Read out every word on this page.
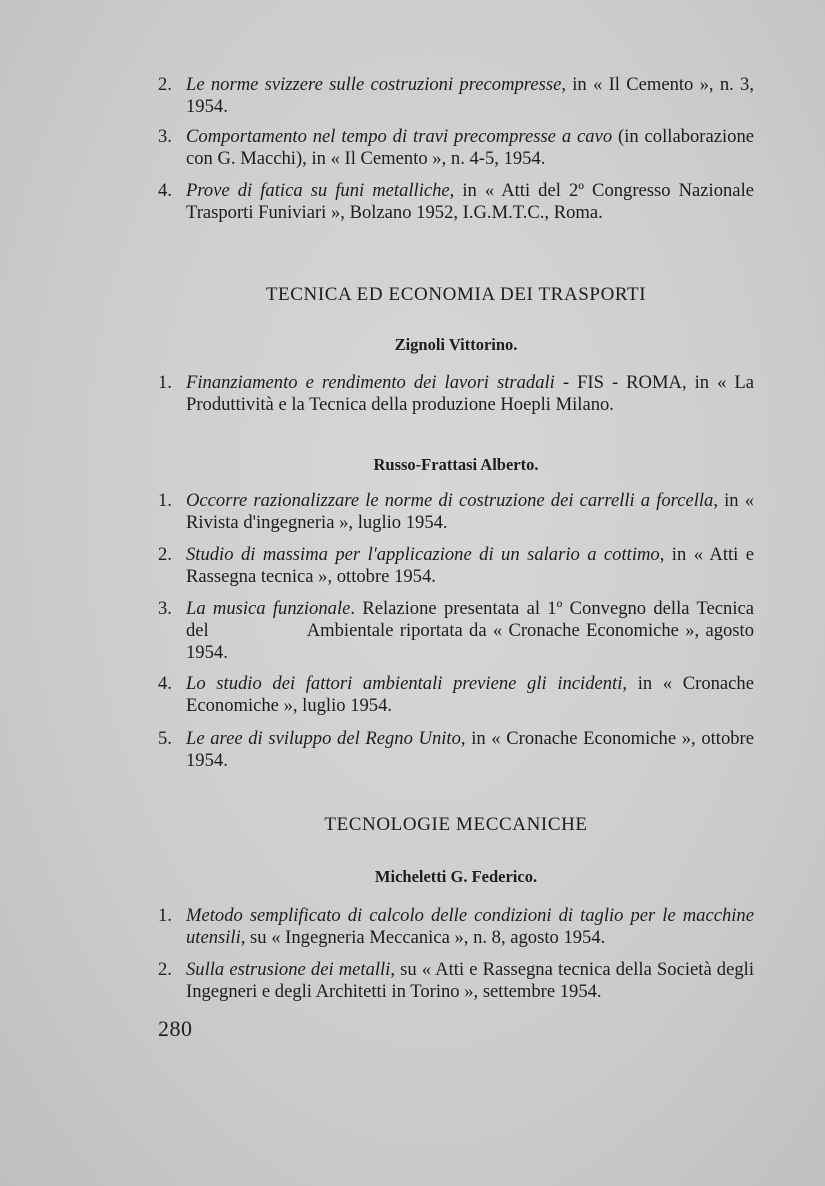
2. Le norme svizzere sulle costruzioni precompresse, in « Il Cemento », n. 3, 1954.
3. Comportamento nel tempo di travi precompresse a cavo (in collaborazione con G. Macchi), in « Il Cemento », n. 4-5, 1954.
4. Prove di fatica su funi metalliche, in « Atti del 2º Congresso Nazionale Trasporti Funiviari », Bolzano 1952, I.G.M.T.C., Roma.
TECNICA ED ECONOMIA DEI TRASPORTI
Zignoli Vittorino.
1. Finanziamento e rendimento dei lavori stradali - FIS - ROMA, in « La Produttività e la Tecnica della produzione Hoepli Milano.
Russo-Frattasi Alberto.
1. Occorre razionalizzare le norme di costruzione dei carrelli a forcella, in « Rivista d'ingegneria », luglio 1954.
2. Studio di massima per l'applicazione di un salario a cottimo, in « Atti e Rassegna tecnica », ottobre 1954.
3. La musica funzionale. Relazione presentata al 1º Convegno della Tecnica del	Ambientale riportata da « Cronache Economiche », agosto 1954.
4. Lo studio dei fattori ambientali previene gli incidenti, in « Cronache Economiche », luglio 1954.
5. Le aree di sviluppo del Regno Unito, in « Cronache Economiche », ottobre 1954.
TECNOLOGIE MECCANICHE
Micheletti G. Federico.
1. Metodo semplificato di calcolo delle condizioni di taglio per le macchine utensili, su « Ingegneria Meccanica », n. 8, agosto 1954.
2. Sulla estrusione dei metalli, su « Atti e Rassegna tecnica della Società degli Ingegneri e degli Architetti in Torino », settembre 1954.
280
